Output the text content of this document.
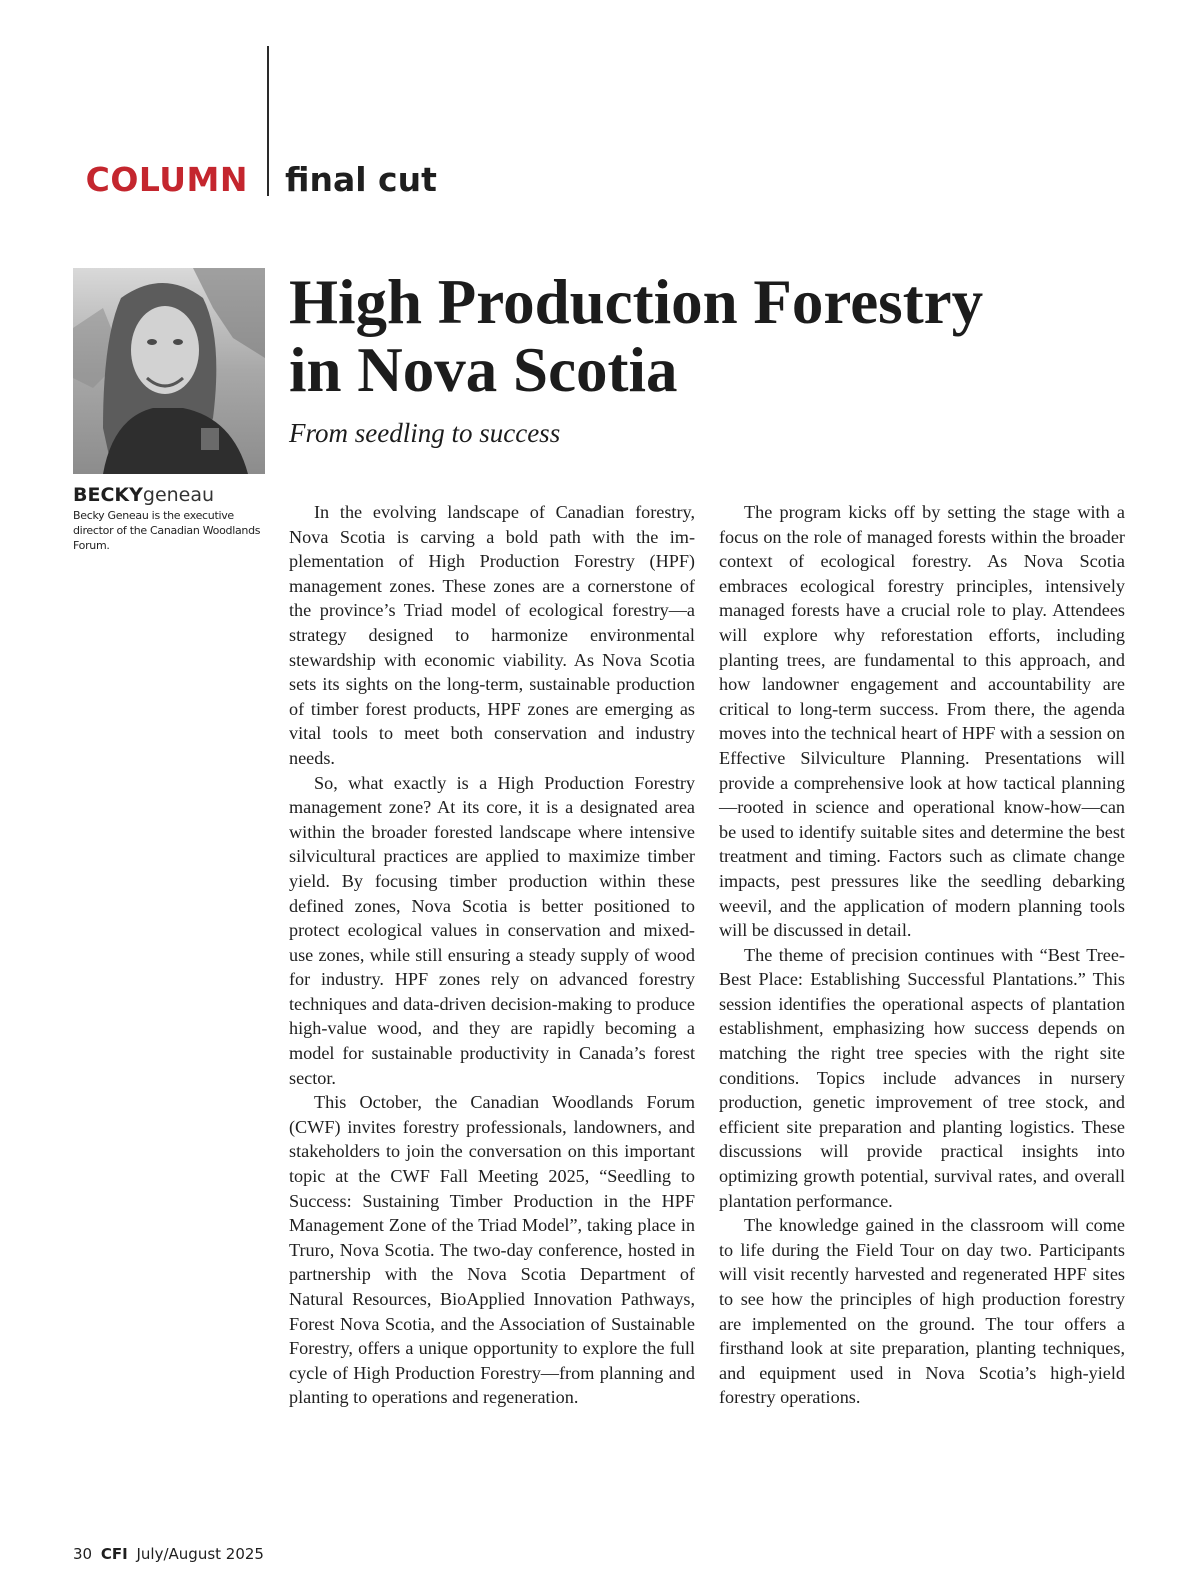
COLUMN final cut
BECKYgeneau
Becky Geneau is the executive director of the Canadian Woodlands Forum.
High Production Forestry
in Nova Scotia
From seedling to success

In the evolving landscape of Canadian forestry, Nova Scotia is carving a bold path with the implementation of High Production Forestry (HPF) management zones. These zones are a cornerstone of the province’s Triad model of ecological forestry—a strategy designed to harmonize environmental stewardship with economic viability. As Nova Scotia sets its sights on the long-term, sustainable production of timber forest products, HPF zones are emerging as vital tools to meet both conservation and industry needs.

So, what exactly is a High Production Forestry management zone? At its core, it is a designated area within the broader forested landscape where intensive silvicultural practices are applied to maximize timber yield. By focusing timber production within these defined zones, Nova Scotia is better positioned to protect ecological values in conservation and mixed-use zones, while still ensuring a steady supply of wood for industry. HPF zones rely on advanced forestry techniques and data-driven decision-making to produce high-value wood, and they are rapidly becoming a model for sustainable productivity in Canada’s forest sector.

This October, the Canadian Woodlands Forum (CWF) invites forestry professionals, landowners, and stakeholders to join the conversation on this important topic at the CWF Fall Meeting 2025, “Seedling to Success: Sustaining Timber Production in the HPF Management Zone of the Triad Model”, taking place in Truro, Nova Scotia. The two-day conference, hosted in partnership with the Nova Scotia Department of Natural Resources, BioApplied Innovation Pathways, Forest Nova Scotia, and the Association of Sustainable Forestry, offers a unique opportunity to explore the full cycle of High Production Forestry—from planning and planting to operations and regeneration.

The program kicks off by setting the stage with a focus on the role of managed forests within the broader context of ecological forestry. As Nova Scotia embraces ecological forestry principles, intensively managed forests have a crucial role to play. Attendees will explore why reforestation efforts, including planting trees, are fundamental to this approach, and how landowner engagement and accountability are critical to long-term success. From there, the agenda moves into the technical heart of HPF with a session on Effective Silviculture Planning. Presentations will provide a comprehensive look at how tactical planning—rooted in science and operational know-how—can be used to identify suitable sites and determine the best treatment and timing. Factors such as climate change impacts, pest pressures like the seedling debarking weevil, and the application of modern planning tools will be discussed in detail.

The theme of precision continues with “Best Tree-Best Place: Establishing Successful Plantations.” This session identifies the operational aspects of plantation establishment, emphasizing how success depends on matching the right tree species with the right site conditions. Topics include advances in nursery production, genetic improvement of tree stock, and efficient site preparation and planting logistics. These discussions will provide practical insights into optimizing growth potential, survival rates, and overall plantation performance.

The knowledge gained in the classroom will come to life during the Field Tour on day two. Participants will visit recently harvested and regenerated HPF sites to see how the principles of high production forestry are implemented on the ground. The tour offers a firsthand look at site preparation, planting techniques, and equipment used in Nova Scotia’s high-yield forestry operations.

30 CFI July/August 2025
